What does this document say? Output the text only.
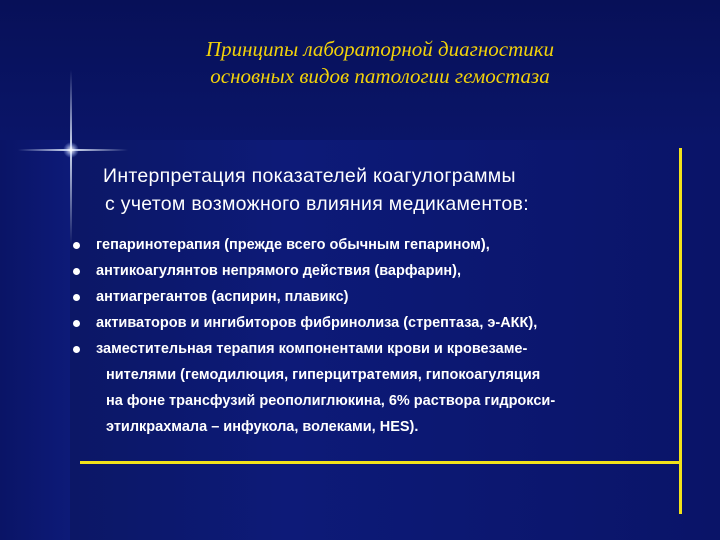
Принципы лабораторной диагностики
основных видов патологии гемостаза
Интерпретация показателей коагулограммы
с учетом возможного влияния медикаментов:
гепаринотерапия (прежде всего обычным гепарином),
антикоагулянтов непрямого действия (варфарин),
антиагрегантов (аспирин, плавикс)
активаторов и ингибиторов фибринолиза (стрептаза, э-АКК),
заместительная терапия компонентами крови и кровезаме-
нителями (гемодилюция, гиперцитратемия, гипокоагуляция
на фоне трансфузий реополиглюкина, 6% раствора гидрокси-
этилкрахмала – инфукола, волеками, HES).
